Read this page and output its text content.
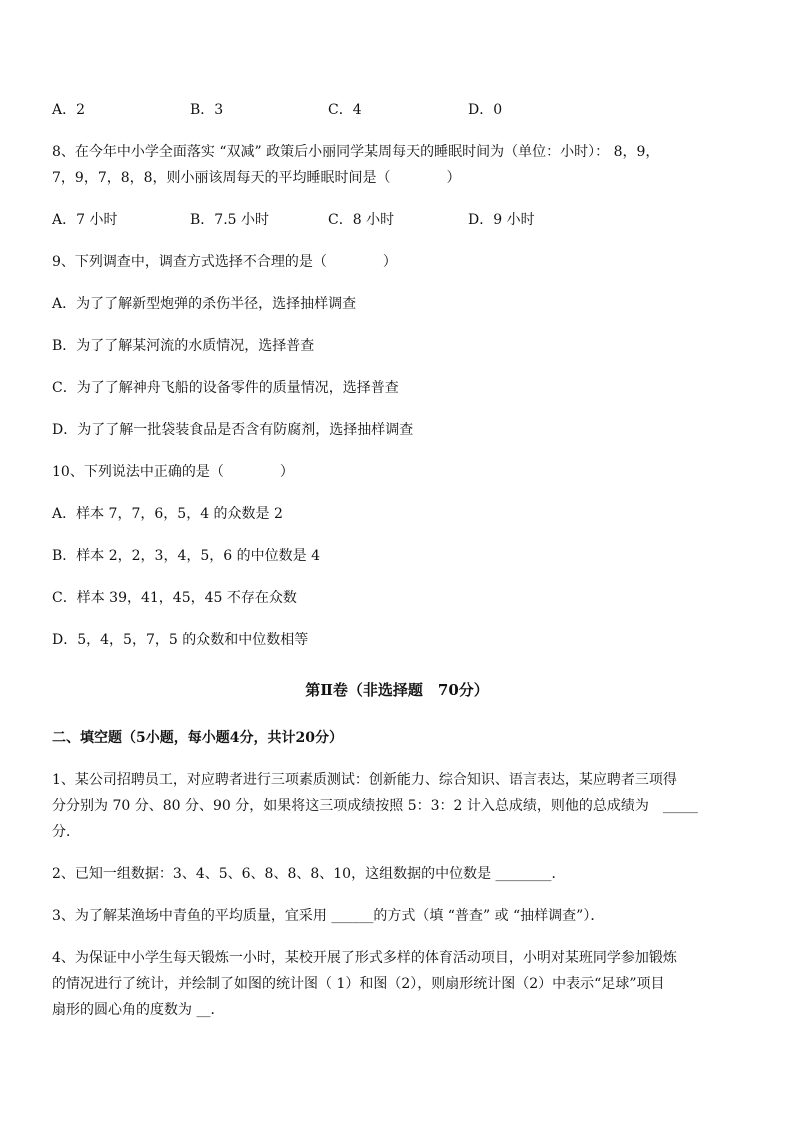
A．2	B．3	C．4	D．0
8、在今年中小学全面落实 “双减” 政策后小丽同学某周每天的睡眠时间为（单位：小时）： 8，9，
7，9，7，8，8，则小丽该周每天的平均睡眠时间是（　　　　）
A．7 小时	B．7.5 小时	C．8 小时	D．9 小时
9、下列调查中，调查方式选择不合理的是（　　　　）
A．为了了解新型炮弹的杀伤半径，选择抽样调查
B．为了了解某河流的水质情况，选择普查
C．为了了解神舟飞船的设备零件的质量情况，选择普查
D．为了了解一批袋装食品是否含有防腐剂，选择抽样调查
10、下列说法中正确的是（　　　　）
A．样本 7，7，6，5，4 的众数是 2
B．样本 2，2，3，4，5，6 的中位数是 4
C．样本 39，41，45，45 不存在众数
D．5，4，5，7，5 的众数和中位数相等
第Ⅱ卷（非选择题　70分）
二、填空题（5小题，每小题4分，共计20分）
1、某公司招聘员工，对应聘者进行三项素质测试：创新能力、综合知识、语言表达，某应聘者三项得
分分别为 70 分、80 分、90 分，如果将这三项成绩按照 5：3：2 计入总成绩，则他的总成绩为　_____
分．
2、已知一组数据：3、4、5、6、8、8、8、10，这组数据的中位数是 ________．
3、为了解某渔场中青鱼的平均质量，宜采用 ______的方式（填 “普查” 或 “抽样调查”）．
4、为保证中小学生每天锻炼一小时，某校开展了形式多样的体育活动项目，小明对某班同学参加锻炼
的情况进行了统计，并绘制了如图的统计图（ 1）和图（2），则扇形统计图（2）中表示“足球”项目
扇形的圆心角的度数为 __．
